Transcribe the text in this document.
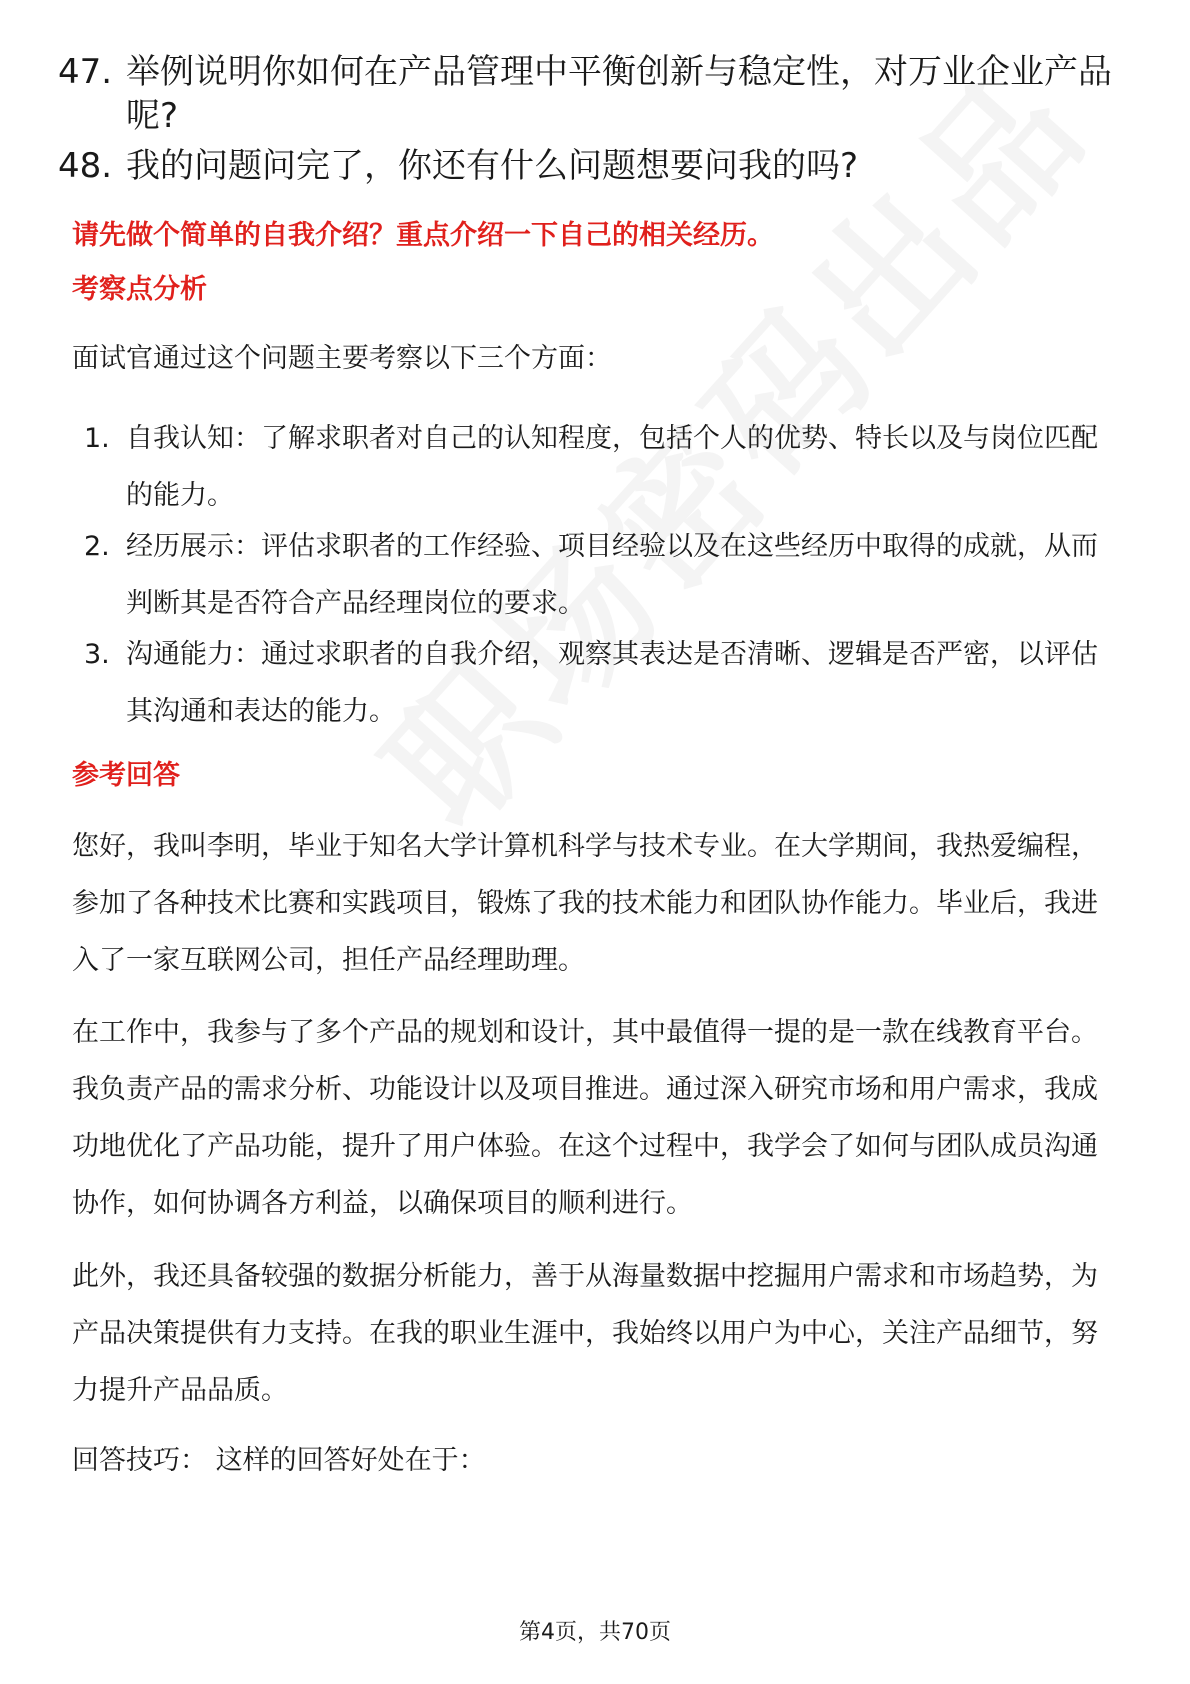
47. 举例说明你如何在产品管理中平衡创新与稳定性，对万业企业产品呢?
48. 我的问题问完了，你还有什么问题想要问我的吗?
请先做个简单的自我介绍？重点介绍一下自己的相关经历。
考察点分析
面试官通过这个问题主要考察以下三个方面：
1. 自我认知：了解求职者对自己的认知程度，包括个人的优势、特长以及与岗位匹配的能力。
2. 经历展示：评估求职者的工作经验、项目经验以及在这些经历中取得的成就，从而判断其是否符合产品经理岗位的要求。
3. 沟通能力：通过求职者的自我介绍，观察其表达是否清晰、逻辑是否严密，以评估其沟通和表达的能力。
参考回答
您好，我叫李明，毕业于知名大学计算机科学与技术专业。在大学期间，我热爱编程，参加了各种技术比赛和实践项目，锻炼了我的技术能力和团队协作能力。毕业后，我进入了一家互联网公司，担任产品经理助理。
在工作中，我参与了多个产品的规划和设计，其中最值得一提的是一款在线教育平台。我负责产品的需求分析、功能设计以及项目推进。通过深入研究市场和用户需求，我成功地优化了产品功能，提升了用户体验。在这个过程中，我学会了如何与团队成员沟通协作，如何协调各方利益，以确保项目的顺利进行。
此外，我还具备较强的数据分析能力，善于从海量数据中挖掘用户需求和市场趋势，为产品决策提供有力支持。在我的职业生涯中，我始终以用户为中心，关注产品细节，努力提升产品品质。
回答技巧： 这样的回答好处在于：
第4页，共70页
